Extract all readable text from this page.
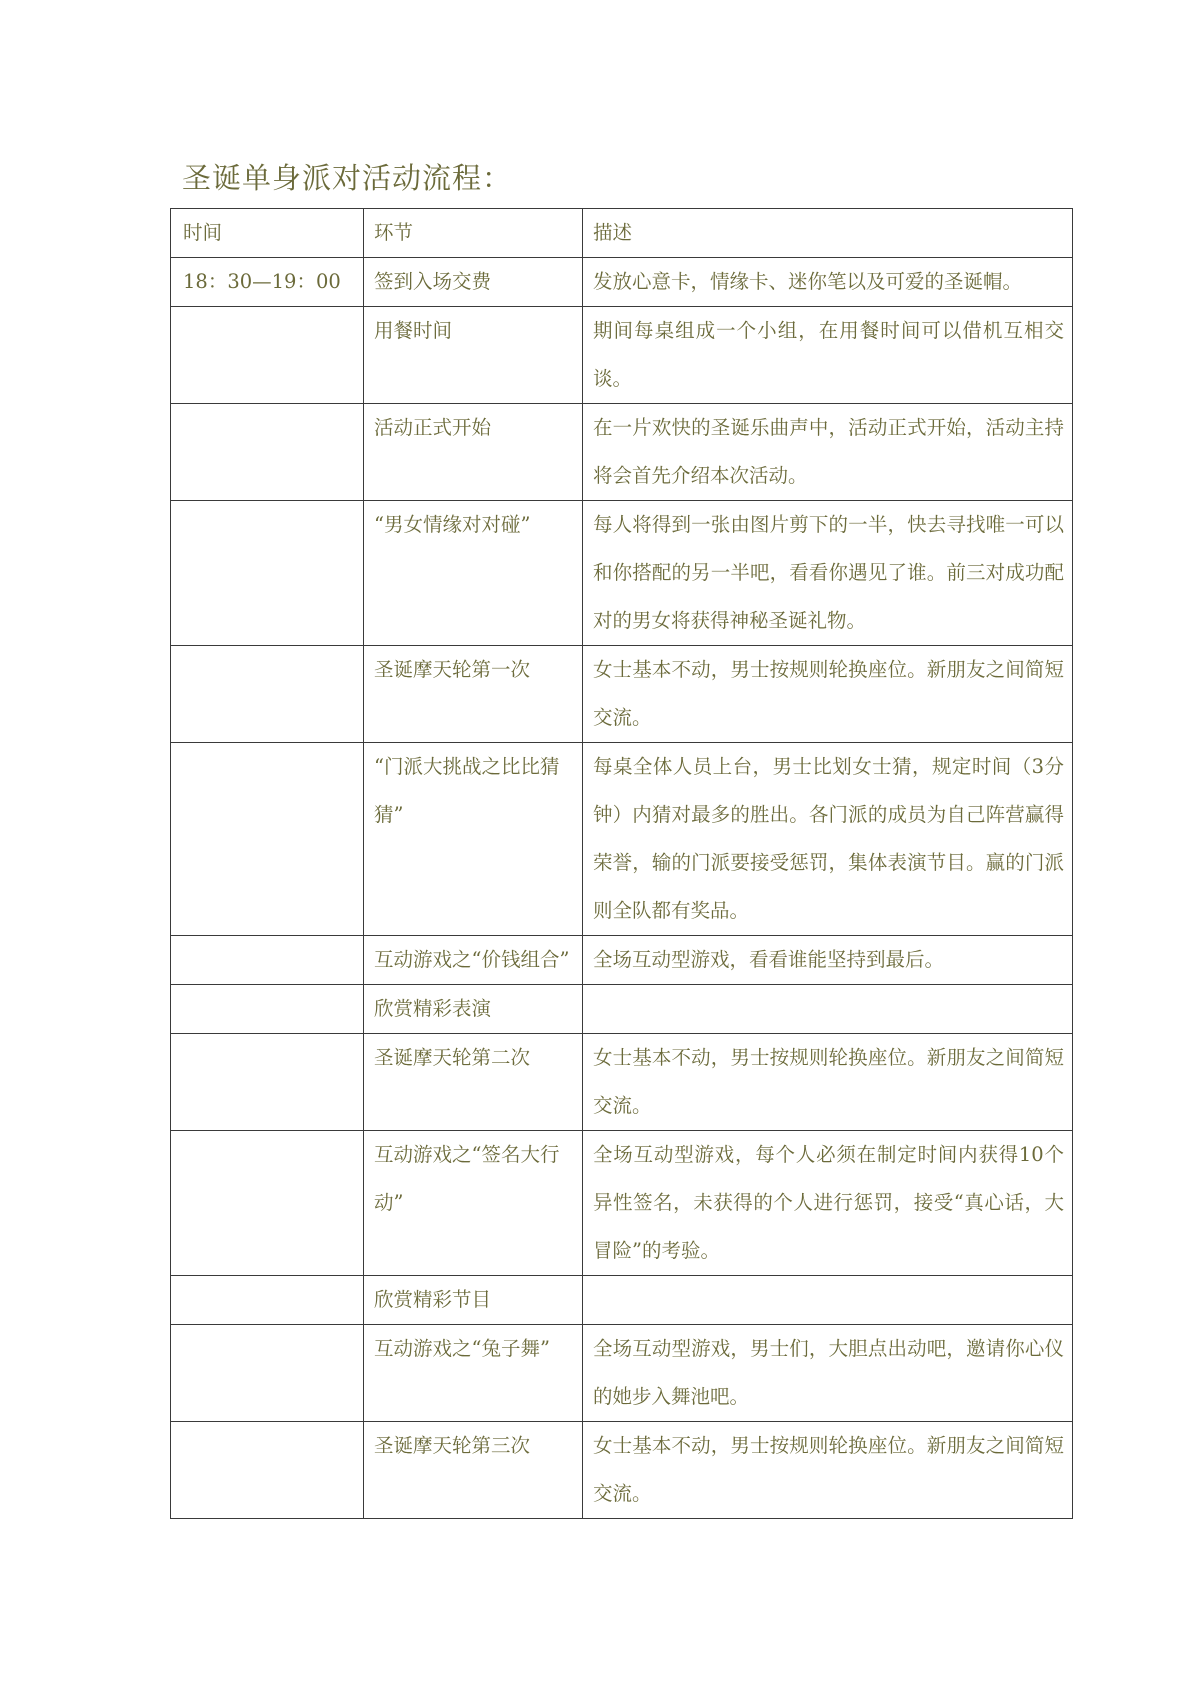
圣诞单身派对活动流程：
时间	环节	描述
18：30—19：00	签到入场交费	发放心意卡，情缘卡、迷你笔以及可爱的圣诞帽。
	用餐时间	期间每桌组成一个小组，在用餐时间可以借机互相交谈。
	活动正式开始	在一片欢快的圣诞乐曲声中，活动正式开始，活动主持将会首先介绍本次活动。
	“男女情缘对对碰”	每人将得到一张由图片剪下的一半，快去寻找唯一可以和你搭配的另一半吧，看看你遇见了谁。前三对成功配对的男女将获得神秘圣诞礼物。
	圣诞摩天轮第一次	女士基本不动，男士按规则轮换座位。新朋友之间简短交流。
	“门派大挑战之比比猜猜”	每桌全体人员上台，男士比划女士猜，规定时间（3分钟）内猜对最多的胜出。各门派的成员为自己阵营赢得荣誉，输的门派要接受惩罚，集体表演节目。赢的门派则全队都有奖品。
	互动游戏之“价钱组合”	全场互动型游戏，看看谁能坚持到最后。
	欣赏精彩表演	
	圣诞摩天轮第二次	女士基本不动，男士按规则轮换座位。新朋友之间简短交流。
	互动游戏之“签名大行动”	全场互动型游戏，每个人必须在制定时间内获得10个异性签名，未获得的个人进行惩罚，接受“真心话，大冒险”的考验。
	欣赏精彩节目	
	互动游戏之“兔子舞”	全场互动型游戏，男士们，大胆点出动吧，邀请你心仪的她步入舞池吧。
	圣诞摩天轮第三次	女士基本不动，男士按规则轮换座位。新朋友之间简短交流。
